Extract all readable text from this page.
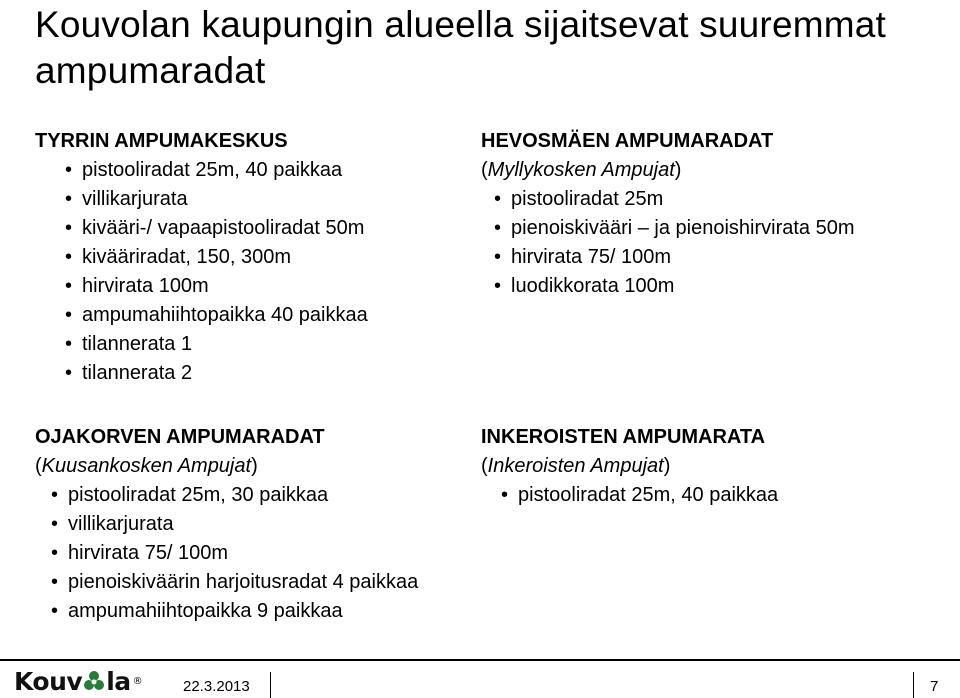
Kouvolan kaupungin alueella sijaitsevat suuremmat ampumaradat
TYRRIN AMPUMAKESKUS
• pistooliradat 25m, 40 paikkaa
• villikarjurata
• kivääri-/ vapaapistooliradat 50m
• kivääriradat, 150, 300m
• hirvirata 100m
• ampumahiihtopaikka 40 paikkaa
• tilannerata 1
• tilannerata 2
HEVOSMÄEN AMPUMARADAT
(Myllykosken Ampujat)
• pistooliradat 25m
• pienoiskivääri – ja pienoishirvirata 50m
• hirvirata 75/ 100m
• luodikkorata 100m
OJAKORVEN AMPUMARADAT
(Kuusankosken Ampujat)
• pistooliradat 25m, 30 paikkaa
• villikarjurata
• hirvirata 75/ 100m
• pienoiskiväärin harjoitusradat 4 paikkaa
• ampumahiihtopaikka 9 paikkaa
INKEROISTEN AMPUMARATA
(Inkeroisten Ampujat)
• pistooliradat 25m, 40 paikkaa
Kouv la ®	22.3.2013	7
